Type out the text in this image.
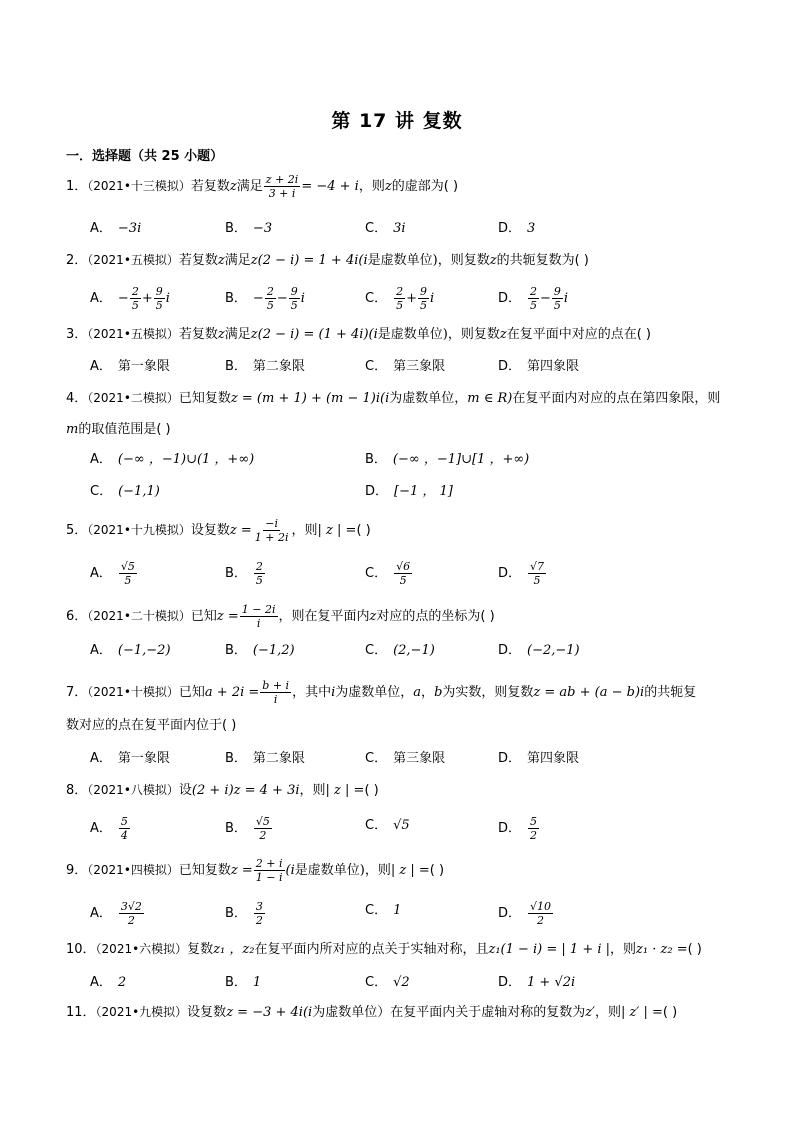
第 17 讲 复数
一．选择题（共 25 小题）
1．（2021•十三模拟）若复数z满足 $\frac{z + 2i}{3 + i} = -4 + i$，则z的虚部为( )
A． −3i	B． −3	C． 3i	D． 3
2．（2021•五模拟）若复数z满足z(2 − i) = 1 + 4i(i是虚数单位)，则复数z的共轭复数为( )
A． − $\frac{2}{5} + \frac{9}{5}$ i	B． − $\frac{2}{5} - \frac{9}{5}$ i	C． $\frac{2}{5} + \frac{9}{5}$ i	D． $\frac{2}{5} - \frac{9}{5}$ i
3．（2021•五模拟）若复数z满足z(2 − i) = (1 + 4i)(i是虚数单位)，则复数z在复平面中对应的点在( )
A． 第一象限	B． 第二象限	C． 第三象限	D． 第四象限
4．（2021•二模拟）已知复数z = (m + 1) + (m − 1)i(i为虚数单位，m ∈ R)在复平面内对应的点在第四象限，则
m的取值范围是( )
A． (−∞ ，−1)∪(1 ，+∞)	B． (−∞ ，−1]∪[1 ，+∞)
C． (−1,1)	D． [−1 ， 1]
5．（2021•十九模拟）设复数$z = \frac{-i}{1 + 2i}$ ，则| z | =( )
A． $\frac{√5}{5}$	B． $\frac{2}{5}$	C． $\frac{√6}{5}$	D． $\frac{√7}{5}$
6．（2021•二十模拟）已知$z = \frac{1 - 2i}{i}$ ，则在复平面内z对应的点的坐标为( )
A． (−1,−2)	B． (−1,2)	C． (2,−1)	D． (−2,−1)
7．（2021•十模拟）已知$a + 2i = \frac{b + i}{i}$ ，其中i为虚数单位，a，b为实数，则复数z = ab + (a − b)i的共轭复
数对应的点在复平面内位于( )
A． 第一象限	B． 第二象限	C． 第三象限	D． 第四象限
8．（2021•八模拟）设(2 + i)z = 4 + 3i，则| z | =( )
A． $\frac{5}{4}$	B． $\frac{√5}{2}$	C． √5	D． $\frac{5}{2}$
9．（2021•四模拟）已知复数$z = \frac{2 + i}{1 - i} (i$是虚数单位)，则| z | =( )
A． $\frac{3√2}{2}$	B． $\frac{3}{2}$	C． 1	D． $\frac{√10}{2}$
10．（2021•六模拟）复数z₁ ，z₂在复平面内所对应的点关于实轴对称，且z₁(1 − i) = | 1 + i |，则z₁ · z₂ =( )
A． 2	B． 1	C． √2	D． 1 + √2i
11．（2021•九模拟）设复数z = −3 + 4i(i为虚数单位）在复平面内关于虚轴对称的复数为z′，则| z′ | =( )
